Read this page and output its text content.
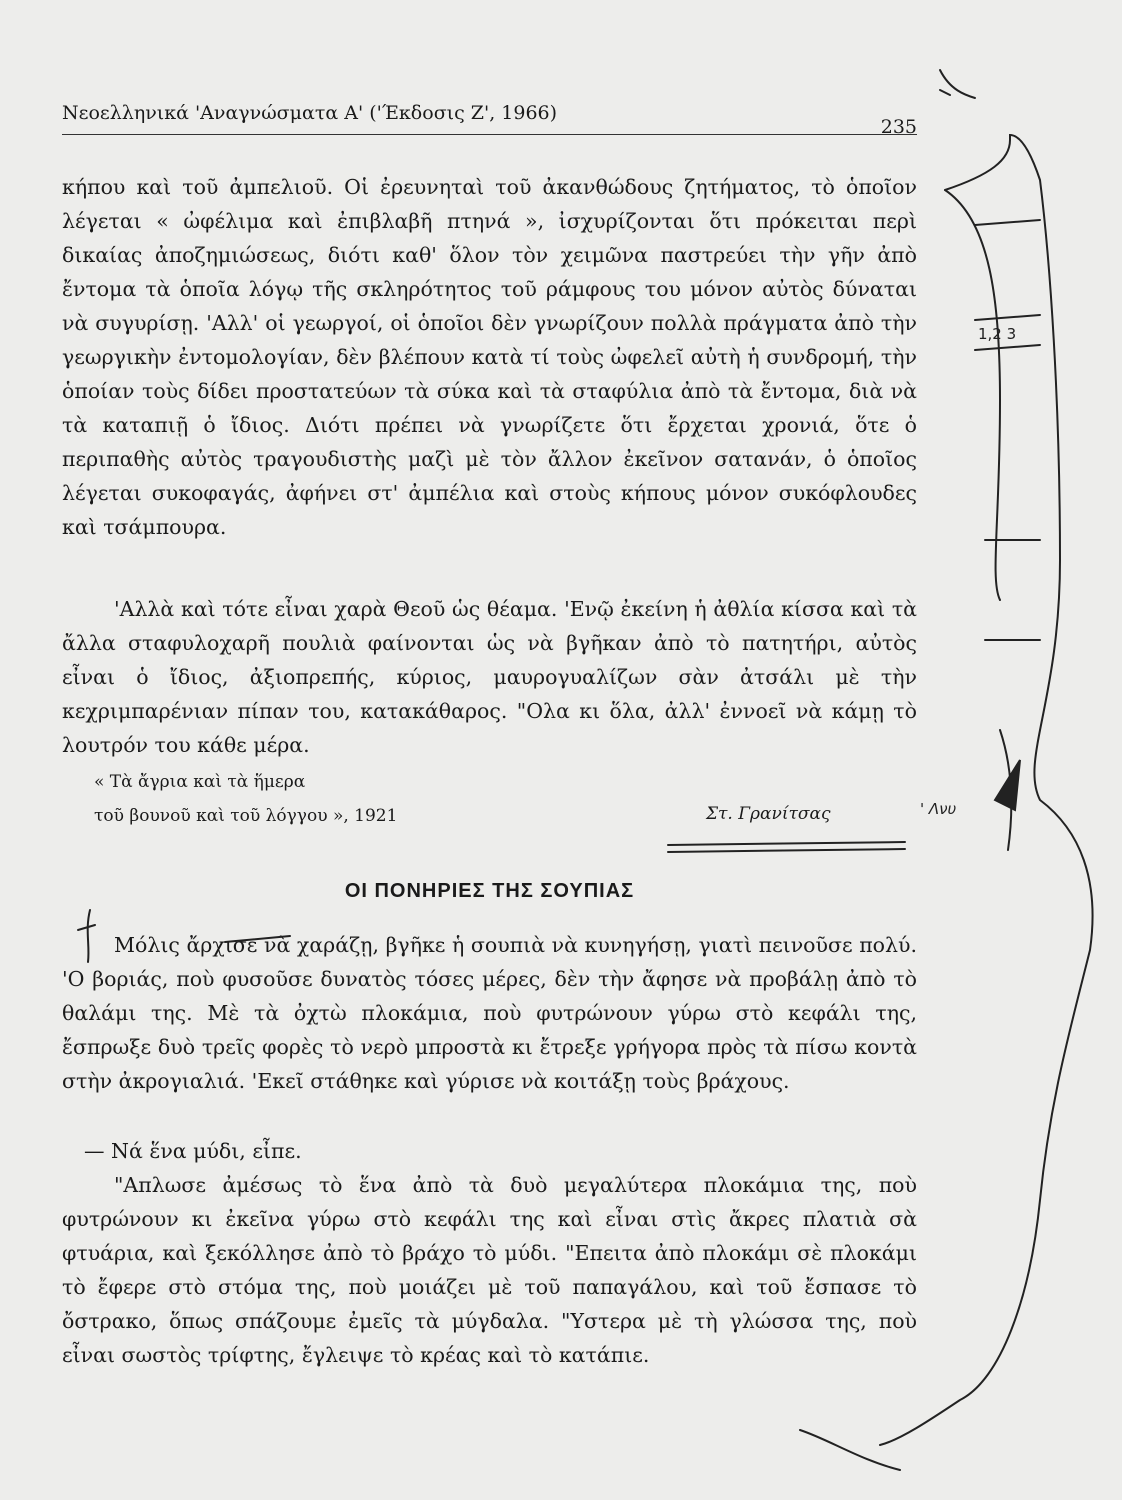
Νεοελληνικά 'Αναγνώσματα Α' ('Έκδοσις Ζ', 1966)
235

κήπου καὶ τοῦ ἀμπελιοῦ. Οἱ ἐρευνηταὶ τοῦ ἀκανθώδους ζητήματος, τὸ ὁποῖον λέγεται « ὠφέλιμα καὶ ἐπιβλαβῆ πτηνά », ἰσχυρίζονται ὅτι πρόκειται περὶ δικαίας ἀποζημιώσεως, διότι καθ' ὅλον τὸν χειμῶνα παστρεύει τὴν γῆν ἀπὸ ἔντομα τὰ ὁποῖα λόγῳ τῆς σκληρότητος τοῦ ράμφους του μόνον αὐτὸς δύναται νὰ συγυρίσῃ. 'Αλλ' οἱ γεωργοί, οἱ ὁποῖοι δὲν γνωρίζουν πολλὰ πράγματα ἀπὸ τὴν γεωργικὴν ἐντομολογίαν, δὲν βλέπουν κατὰ τί τοὺς ὠφελεῖ αὐτὴ ἡ συνδρομή, τὴν ὁποίαν τοὺς δίδει προστατεύων τὰ σύκα καὶ τὰ σταφύλια ἀπὸ τὰ ἔντομα, διὰ νὰ τὰ καταπιῇ ὁ ἴδιος. Διότι πρέπει νὰ γνωρίζετε ὅτι ἔρχεται χρονιά, ὅτε ὁ περιπαθὴς αὐτὸς τραγουδιστὴς μαζὶ μὲ τὸν ἄλλον ἐκεῖνον σατανάν, ὁ ὁποῖος λέγεται συκοφαγάς, ἀφήνει στ' ἀμπέλια καὶ στοὺς κήπους μόνον συκόφλουδες καὶ τσάμπουρα.

'Αλλὰ καὶ τότε εἶναι χαρὰ Θεοῦ ὡς θέαμα. 'Ενῷ ἐκείνη ἡ ἀθλία κίσσα καὶ τὰ ἄλλα σταφυλοχαρῆ πουλιὰ φαίνονται ὡς νὰ βγῆκαν ἀπὸ τὸ πατητήρι, αὐτὸς εἶναι ὁ ἴδιος, ἀξιοπρεπής, κύριος, μαυρογυαλίζων σὰν ἀτσάλι μὲ τὴν κεχριμπαρένιαν πίπαν του, κατακάθαρος. "Ολα κι ὅλα, ἀλλ' ἐννοεῖ νὰ κάμῃ τὸ λουτρόν του κάθε μέρα.

« Τὰ ἄγρια καὶ τὰ ἥμερα
τοῦ βουνοῦ καὶ τοῦ λόγγου », 1921	Στ. Γρανίτσας
ΟΙ ΠΟΝΗΡΙΕΣ ΤΗΣ ΣΟΥΠΙΑΣ

Μόλις ἄρχισε νὰ χαράζῃ, βγῆκε ἡ σουπιὰ νὰ κυνηγήσῃ, γιατὶ πεινοῦσε πολύ. 'Ο βοριάς, ποὺ φυσοῦσε δυνατὸς τόσες μέρες, δὲν τὴν ἄφησε νὰ προβάλῃ ἀπὸ τὸ θαλάμι της. Μὲ τὰ ὀχτὼ πλοκάμια, ποὺ φυτρώνουν γύρω στὸ κεφάλι της, ἔσπρωξε δυὸ τρεῖς φορὲς τὸ νερὸ μπροστὰ κι ἔτρεξε γρήγορα πρὸς τὰ πίσω κοντὰ στὴν ἀκρογιαλιά. 'Εκεῖ στάθηκε καὶ γύρισε νὰ κοιτάξῃ τοὺς βράχους.

— Νά ἕνα μύδι, εἶπε.

"Απλωσε ἀμέσως τὸ ἕνα ἀπὸ τὰ δυὸ μεγαλύτερα πλοκάμια της, ποὺ φυτρώνουν κι ἐκεῖνα γύρω στὸ κεφάλι της καὶ εἶναι στὶς ἄκρες πλατιὰ σὰ φτυάρια, καὶ ξεκόλλησε ἀπὸ τὸ βράχο τὸ μύδι. "Επειτα ἀπὸ πλοκάμι σὲ πλοκάμι τὸ ἔφερε στὸ στόμα της, ποὺ μοιάζει μὲ τοῦ παπαγάλου, καὶ τοῦ ἔσπασε τὸ ὄστρακο, ὅπως σπάζουμε ἐμεῖς τὰ μύγδαλα. "Υστερα μὲ τὴ γλώσσα της, ποὺ εἶναι σωστὸς τρίφτης, ἔγλειψε τὸ κρέας καὶ τὸ κατάπιε.

1,2 3
' Λνυ
